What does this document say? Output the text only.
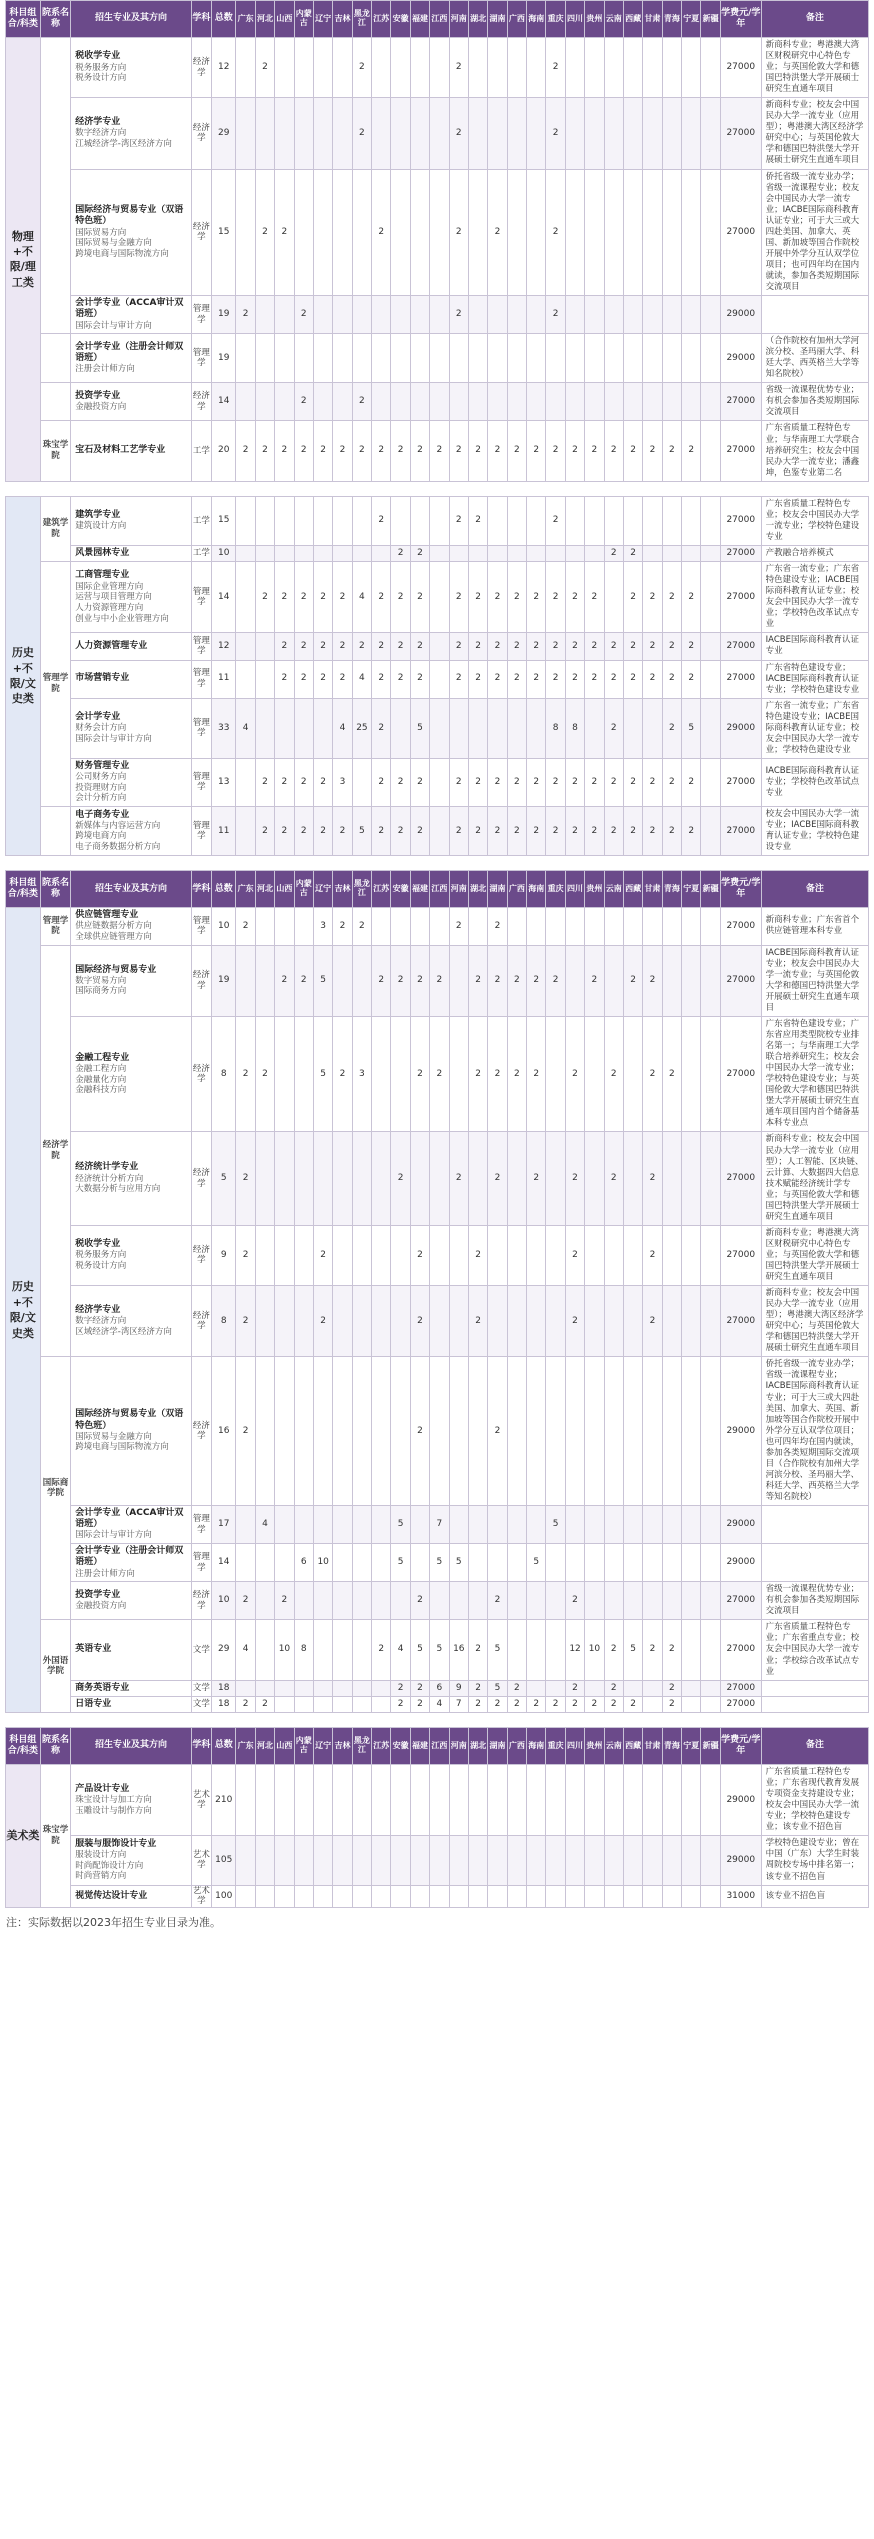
科目组合/科类	院系名称	招生专业及其方向	学科	总数	广东	河北	山西	内蒙古	辽宁	吉林	黑龙江	江苏	安徽	福建	江西	河南	湖北	湖南	广西	海南	重庆	四川	贵州	云南	西藏	甘肃	青海	宁夏	新疆	学费元/学年	备注
物理+不限/理工类		税收学专业
税务服务方向
税务设计方向	经济学	12		2					2					2					2									27000	新商科专业；粤港澳大湾区财税研究中心特色专业；与英国伦敦大学和德国巴特洪堡大学开展硕士研究生直通车项目

		经济学专业
数字经济方向
江城经济学-湾区经济方向	经济学	29							2					2					2									27000	新商科专业；校友会中国民办大学一流专业（应用型）；粤港澳大湾区经济学研究中心；与英国伦敦大学和德国巴特洪堡大学开展硕士研究生直通车项目

		国际经济与贸易专业（双语特色班）
国际贸易方向
国际贸易与金融方向
跨境电商与国际物流方向	经济学	15		2	2					2				2		2			2									27000	侨托省级一流专业办学；省级一流课程专业；校友会中国民办大学一流专业；IACBE国际商科教育认证专业；可于大三或大四赴美国、加拿大、英国、新加坡等国合作院校开展中外学分互认双学位项目；也可四年均在国内就读，参加各类短期国际交流项目

		会计学专业（ACCA审计双语班）
国际会计与审计方向	管理学	19	2			2								2					2									29000	

		会计学专业（注册会计师双语班）
注册会计师方向	管理学	19																										29000	（合作院校有加州大学河滨分校、圣玛丽大学、科廷大学、西英格兰大学等知名院校）

		投资学专业
金融投资方向	经济学	14				2			2																			27000	省级一流课程优势专业；有机会参加各类短期国际交流项目
	珠宝学院	宝石及材料工艺学专业	工学	20	2	2	2	2	2	2	2	2	2	2	2	2	2	2	2	2	2	2	2	2	2	2	2	2		27000	广东省质量工程特色专业；与华南理工大学联合培养研究生；校友会中国民办大学一流专业；潘鑫坤，色鉴专业第二名
历史+不限/文史类	建筑学院	建筑学专业
建筑设计方向	工学	15								2				2	2				2									27000	广东省质量工程特色专业；校友会中国民办大学一流专业；学校特色建设专业

		风景园林专业	工学	10									2	2										2	2					27000	产教融合培养模式
	管理学院	工商管理专业
国际企业管理方向
运营与项目管理方向
人力资源管理方向
创业与中小企业管理方向	管理学	14		2	2	2	2	2	4	2	2	2		2	2	2	2	2	2	2	2		2	2	2	2		27000	广东省一流专业；广东省特色建设专业；IACBE国际商科教育认证专业；校友会中国民办大学一流专业；学校特色改革试点专业

		人力资源管理专业	管理学	12			2	2	2	2	2	2	2	2		2	2	2	2	2	2	2	2	2	2	2	2	2		27000	IACBE国际商科教育认证专业

		市场营销专业	管理学	11			2	2	2	2	4	2	2	2		2	2	2	2	2	2	2	2	2	2	2	2	2		27000	广东省特色建设专业；IACBE国际商科教育认证专业；学校特色建设专业

		会计学专业
财务会计方向
国际会计与审计方向	管理学	33	4					4	25	2		5							8	8		2			2	5		29000	广东省一流专业；广东省特色建设专业；IACBE国际商科教育认证专业；校友会中国民办大学一流专业；学校特色建设专业

		财务管理专业
公司财务方向
投资理财方向
会计分析方向	管理学	13		2	2	2	2	3		2	2	2		2	2	2	2	2	2	2	2	2	2	2	2	2		27000	IACBE国际商科教育认证专业；学校特色改革试点专业

		电子商务专业
新媒体与内容运营方向
跨境电商方向
电子商务数据分析方向	管理学	11		2	2	2	2	2	5	2	2	2		2	2	2	2	2	2	2	2	2	2	2	2	2		27000	校友会中国民办大学一流专业；IACBE国际商科教育认证专业；学校特色建设专业
科目组合/科类	院系名称	招生专业及其方向	学科	总数	广东	河北	山西	内蒙古	辽宁	吉林	黑龙江	江苏	安徽	福建	江西	河南	湖北	湖南	广西	海南	重庆	四川	贵州	云南	西藏	甘肃	青海	宁夏	新疆	学费元/学年	备注
历史+不限/文史类	管理学院	供应链管理专业
供应链数据分析方向
全球供应链管理方向	管理学	10	2				3	2	2					2		2												27000	新商科专业；广东省首个供应链管理本科专业
	经济学院	国际经济与贸易专业
数字贸易方向
国际商务方向	经济学	19			2	2	5			2	2	2	2		2	2	2	2	2		2		2	2				27000	IACBE国际商科教育认证专业；校友会中国民办大学一流专业；与英国伦敦大学和德国巴特洪堡大学开展硕士研究生直通车项目

		金融工程专业
金融工程方向
金融量化方向
金融科技方向	经济学	8	2	2			5	2	3			2	2		2	2	2	2		2		2		2	2			27000	广东省特色建设专业；广东省应用类型院校专业排名第一；与华南理工大学联合培养研究生；校友会中国民办大学一流专业；学校特色建设专业；与英国伦敦大学和德国巴特洪堡大学开展硕士研究生直通车项目国内首个储备基本科专业点

		经济统计学专业
经济统计分析方向
大数据分析与应用方向	经济学	5	2								2			2		2		2		2		2		2				27000	新商科专业；校友会中国民办大学一流专业（应用型）；人工智能、区块链、云计算、大数据四大信息技术赋能经济统计学专业；与英国伦敦大学和德国巴特洪堡大学开展硕士研究生直通车项目

		税收学专业
税务服务方向
税务设计方向	经济学	9	2				2					2			2					2				2				27000	新商科专业；粤港澳大湾区财税研究中心特色专业；与英国伦敦大学和德国巴特洪堡大学开展硕士研究生直通车项目

		经济学专业
数字经济方向
区域经济学-湾区经济方向	经济学	8	2				2					2			2					2				2				27000	新商科专业；校友会中国民办大学一流专业（应用型）；粤港澳大湾区经济学研究中心；与英国伦敦大学和德国巴特洪堡大学开展硕士研究生直通车项目
	国际商学院	国际经济与贸易专业（双语特色班）
国际贸易与金融方向
跨境电商与国际物流方向	经济学	16	2									2				2												29000	侨托省级一流专业办学；省级一流课程专业；IACBE国际商科教育认证专业；可于大三或大四赴美国、加拿大、英国、新加坡等国合作院校开展中外学分互认双学位项目；也可四年均在国内就读，参加各类短期国际交流项目（合作院校有加州大学河滨分校、圣玛丽大学、科廷大学、西英格兰大学等知名院校）

		会计学专业（ACCA审计双语班）
国际会计与审计方向	管理学	17		4							5		7						5									29000	

		会计学专业（注册会计师双语班）
注册会计师方向	管理学	14				6	10				5		5	5				5										29000	

		投资学专业
金融投资方向	经济学	10	2		2							2				2				2								27000	省级一流课程优势专业；有机会参加各类短期国际交流项目
	外国语学院	英语专业	文学	29	4		10	8				2	4	5	5	16	2	5				12	10	2	5	2	2			27000	广东省质量工程特色专业；广东省重点专业；校友会中国民办大学一流专业；学校综合改革试点专业

		商务英语专业	文学	18									2	2	6	9	2	5	2			2		2			2			27000	

		日语专业	文学	18	2	2							2	2	4	7	2	2	2	2	2	2	2	2	2		2			27000	
科目组合/科类	院系名称	招生专业及其方向	学科	总数	广东	河北	山西	内蒙古	辽宁	吉林	黑龙江	江苏	安徽	福建	江西	河南	湖北	湖南	广西	海南	重庆	四川	贵州	云南	西藏	甘肃	青海	宁夏	新疆	学费元/学年	备注
美术类	珠宝学院	产品设计专业
珠宝设计与加工方向
玉雕设计与制作方向	艺术学	210																										29000	广东省质量工程特色专业；广东省现代教育发展专项资金支持建设专业；校友会中国民办大学一流专业；学校特色建设专业；该专业不招色盲

		服装与服饰设计专业
服装设计方向
时尚配饰设计方向
时尚营销方向	艺术学	105																										29000	学校特色建设专业；曾在中国（广东）大学生时装周院校专场中排名第一；该专业不招色盲

		视觉传达设计专业	艺术学	100																										31000	该专业不招色盲
注：实际数据以2023年招生专业目录为准。
